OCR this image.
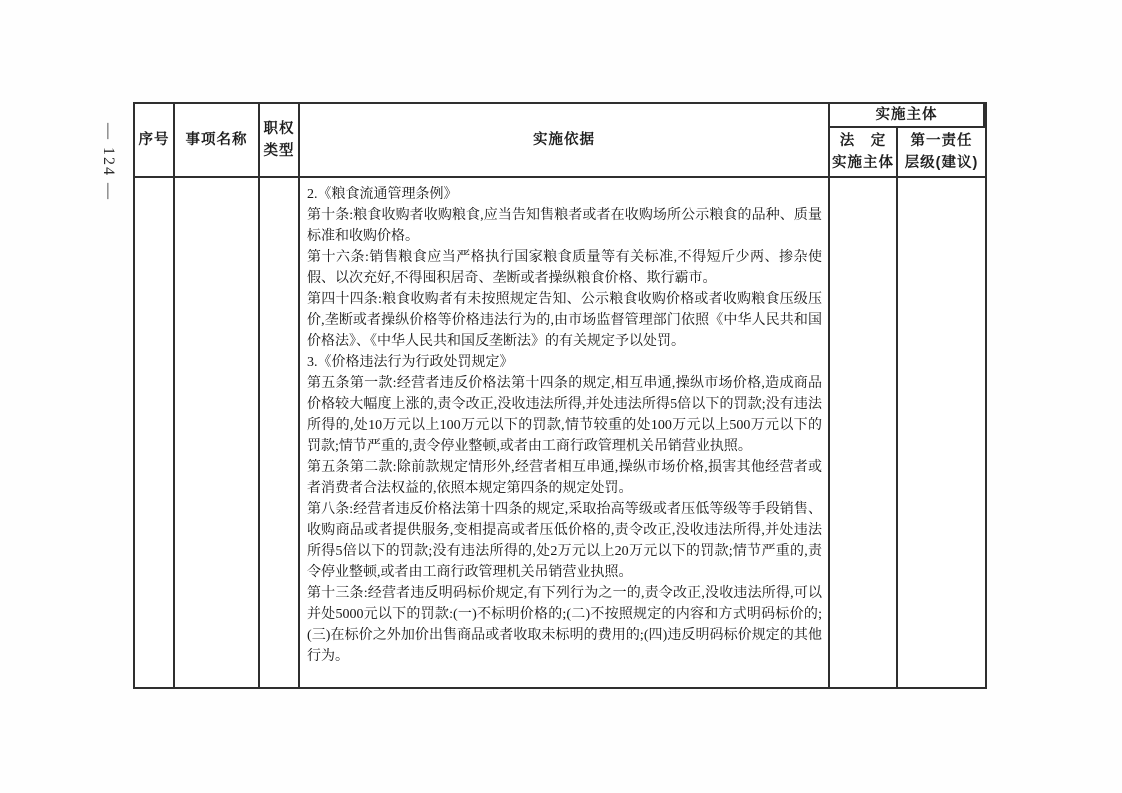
— 124 — 序号 事项名称
职权
类型
实施依据
实施主体
法　定
实施主体
第一责任
层级(建议)

2.《粮食流通管理条例》

第十条:粮食收购者收购粮食,应当告知售粮者或者在收购场所公示粮食的品种、质量标准和收购价格。

第十六条:销售粮食应当严格执行国家粮食质量等有关标准,不得短斤少两、掺杂使假、以次充好,不得囤积居奇、垄断或者操纵粮食价格、欺行霸市。

第四十四条:粮食收购者有未按照规定告知、公示粮食收购价格或者收购粮食压级压价,垄断或者操纵价格等价格违法行为的,由市场监督管理部门依照《中华人民共和国价格法》、《中华人民共和国反垄断法》的有关规定予以处罚。

3.《价格违法行为行政处罚规定》

第五条第一款:经营者违反价格法第十四条的规定,相互串通,操纵市场价格,造成商品价格较大幅度上涨的,责令改正,没收违法所得,并处违法所得5倍以下的罚款;没有违法所得的,处10万元以上100万元以下的罚款,情节较重的处100万元以上500万元以下的罚款;情节严重的,责令停业整顿,或者由工商行政管理机关吊销营业执照。

第五条第二款:除前款规定情形外,经营者相互串通,操纵市场价格,损害其他经营者或者消费者合法权益的,依照本规定第四条的规定处罚。

第八条:经营者违反价格法第十四条的规定,采取抬高等级或者压低等级等手段销售、收购商品或者提供服务,变相提高或者压低价格的,责令改正,没收违法所得,并处违法所得5倍以下的罚款;没有违法所得的,处2万元以上20万元以下的罚款;情节严重的,责令停业整顿,或者由工商行政管理机关吊销营业执照。

第十三条:经营者违反明码标价规定,有下列行为之一的,责令改正,没收违法所得,可以并处5000元以下的罚款:(一)不标明价格的;(二)不按照规定的内容和方式明码标价的;(三)在标价之外加价出售商品或者收取未标明的费用的;(四)违反明码标价规定的其他行为。
